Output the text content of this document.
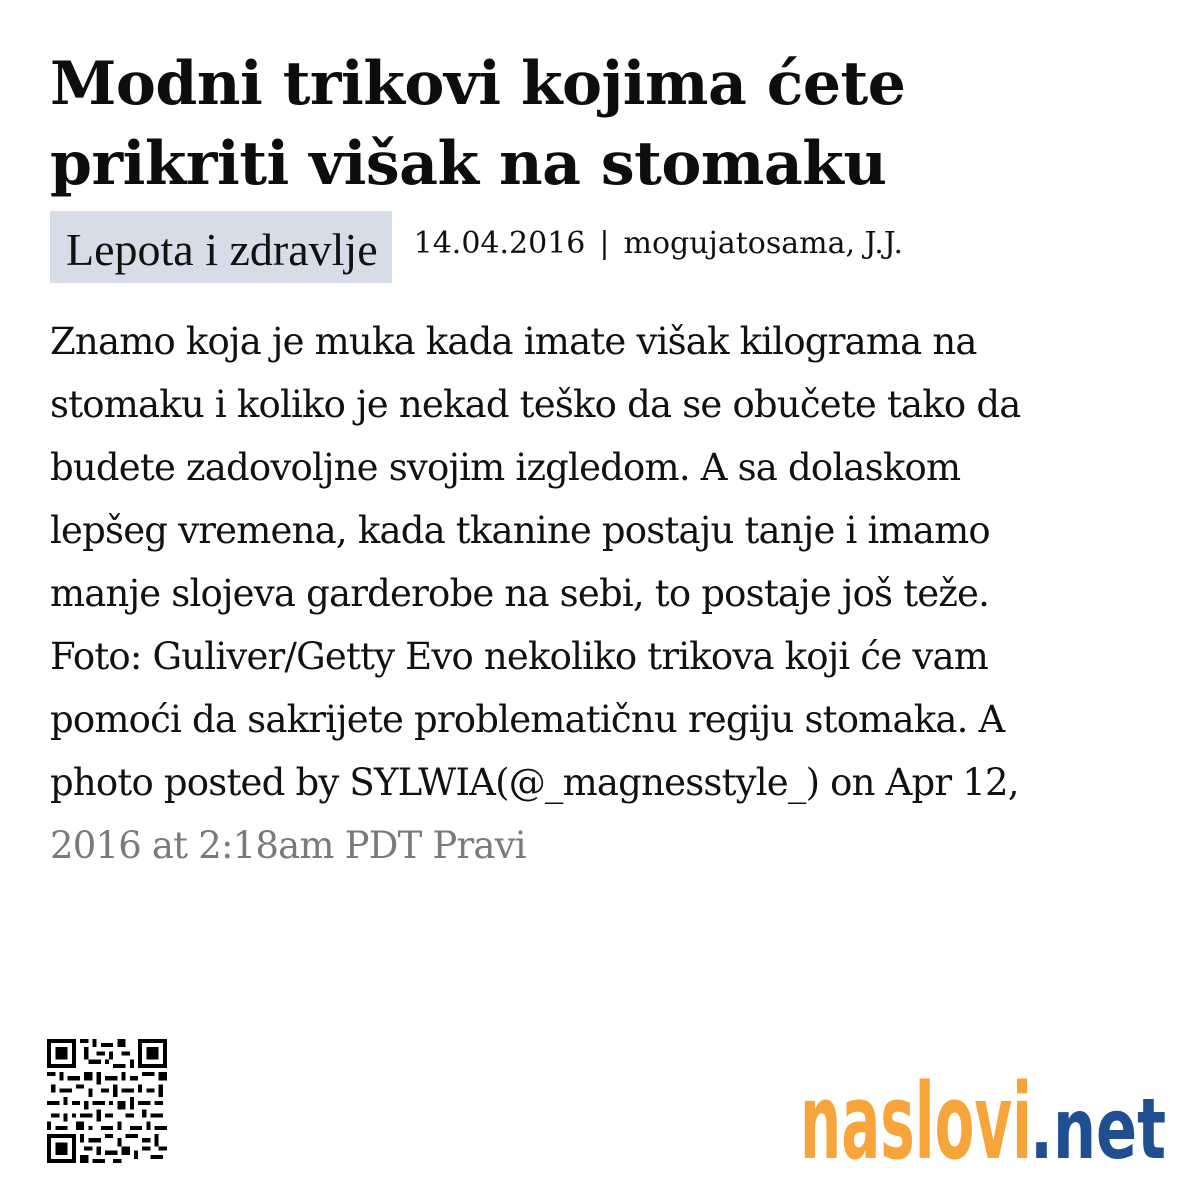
Modni trikovi kojima ćete
prikriti višak na stomaku
Lepota i zdravlje	14.04.2016 | mogujatosama, J.J.

Znamo koja je muka kada imate višak kilograma na
stomaku i koliko je nekad teško da se obučete tako da
budete zadovoljne svojim izgledom. A sa dolaskom
lepšeg vremena, kada tkanine postaju tanje i imamo
manje slojeva garderobe na sebi, to postaje još teže.
Foto: Guliver/Getty Evo nekoliko trikova koji će vam
pomoći da sakrijete problematičnu regiju stomaka. A
photo posted by SYLWIA(@_magnesstyle_) on Apr 12,
2016 at 2:18am PDT Pravi

naslovi
.net
